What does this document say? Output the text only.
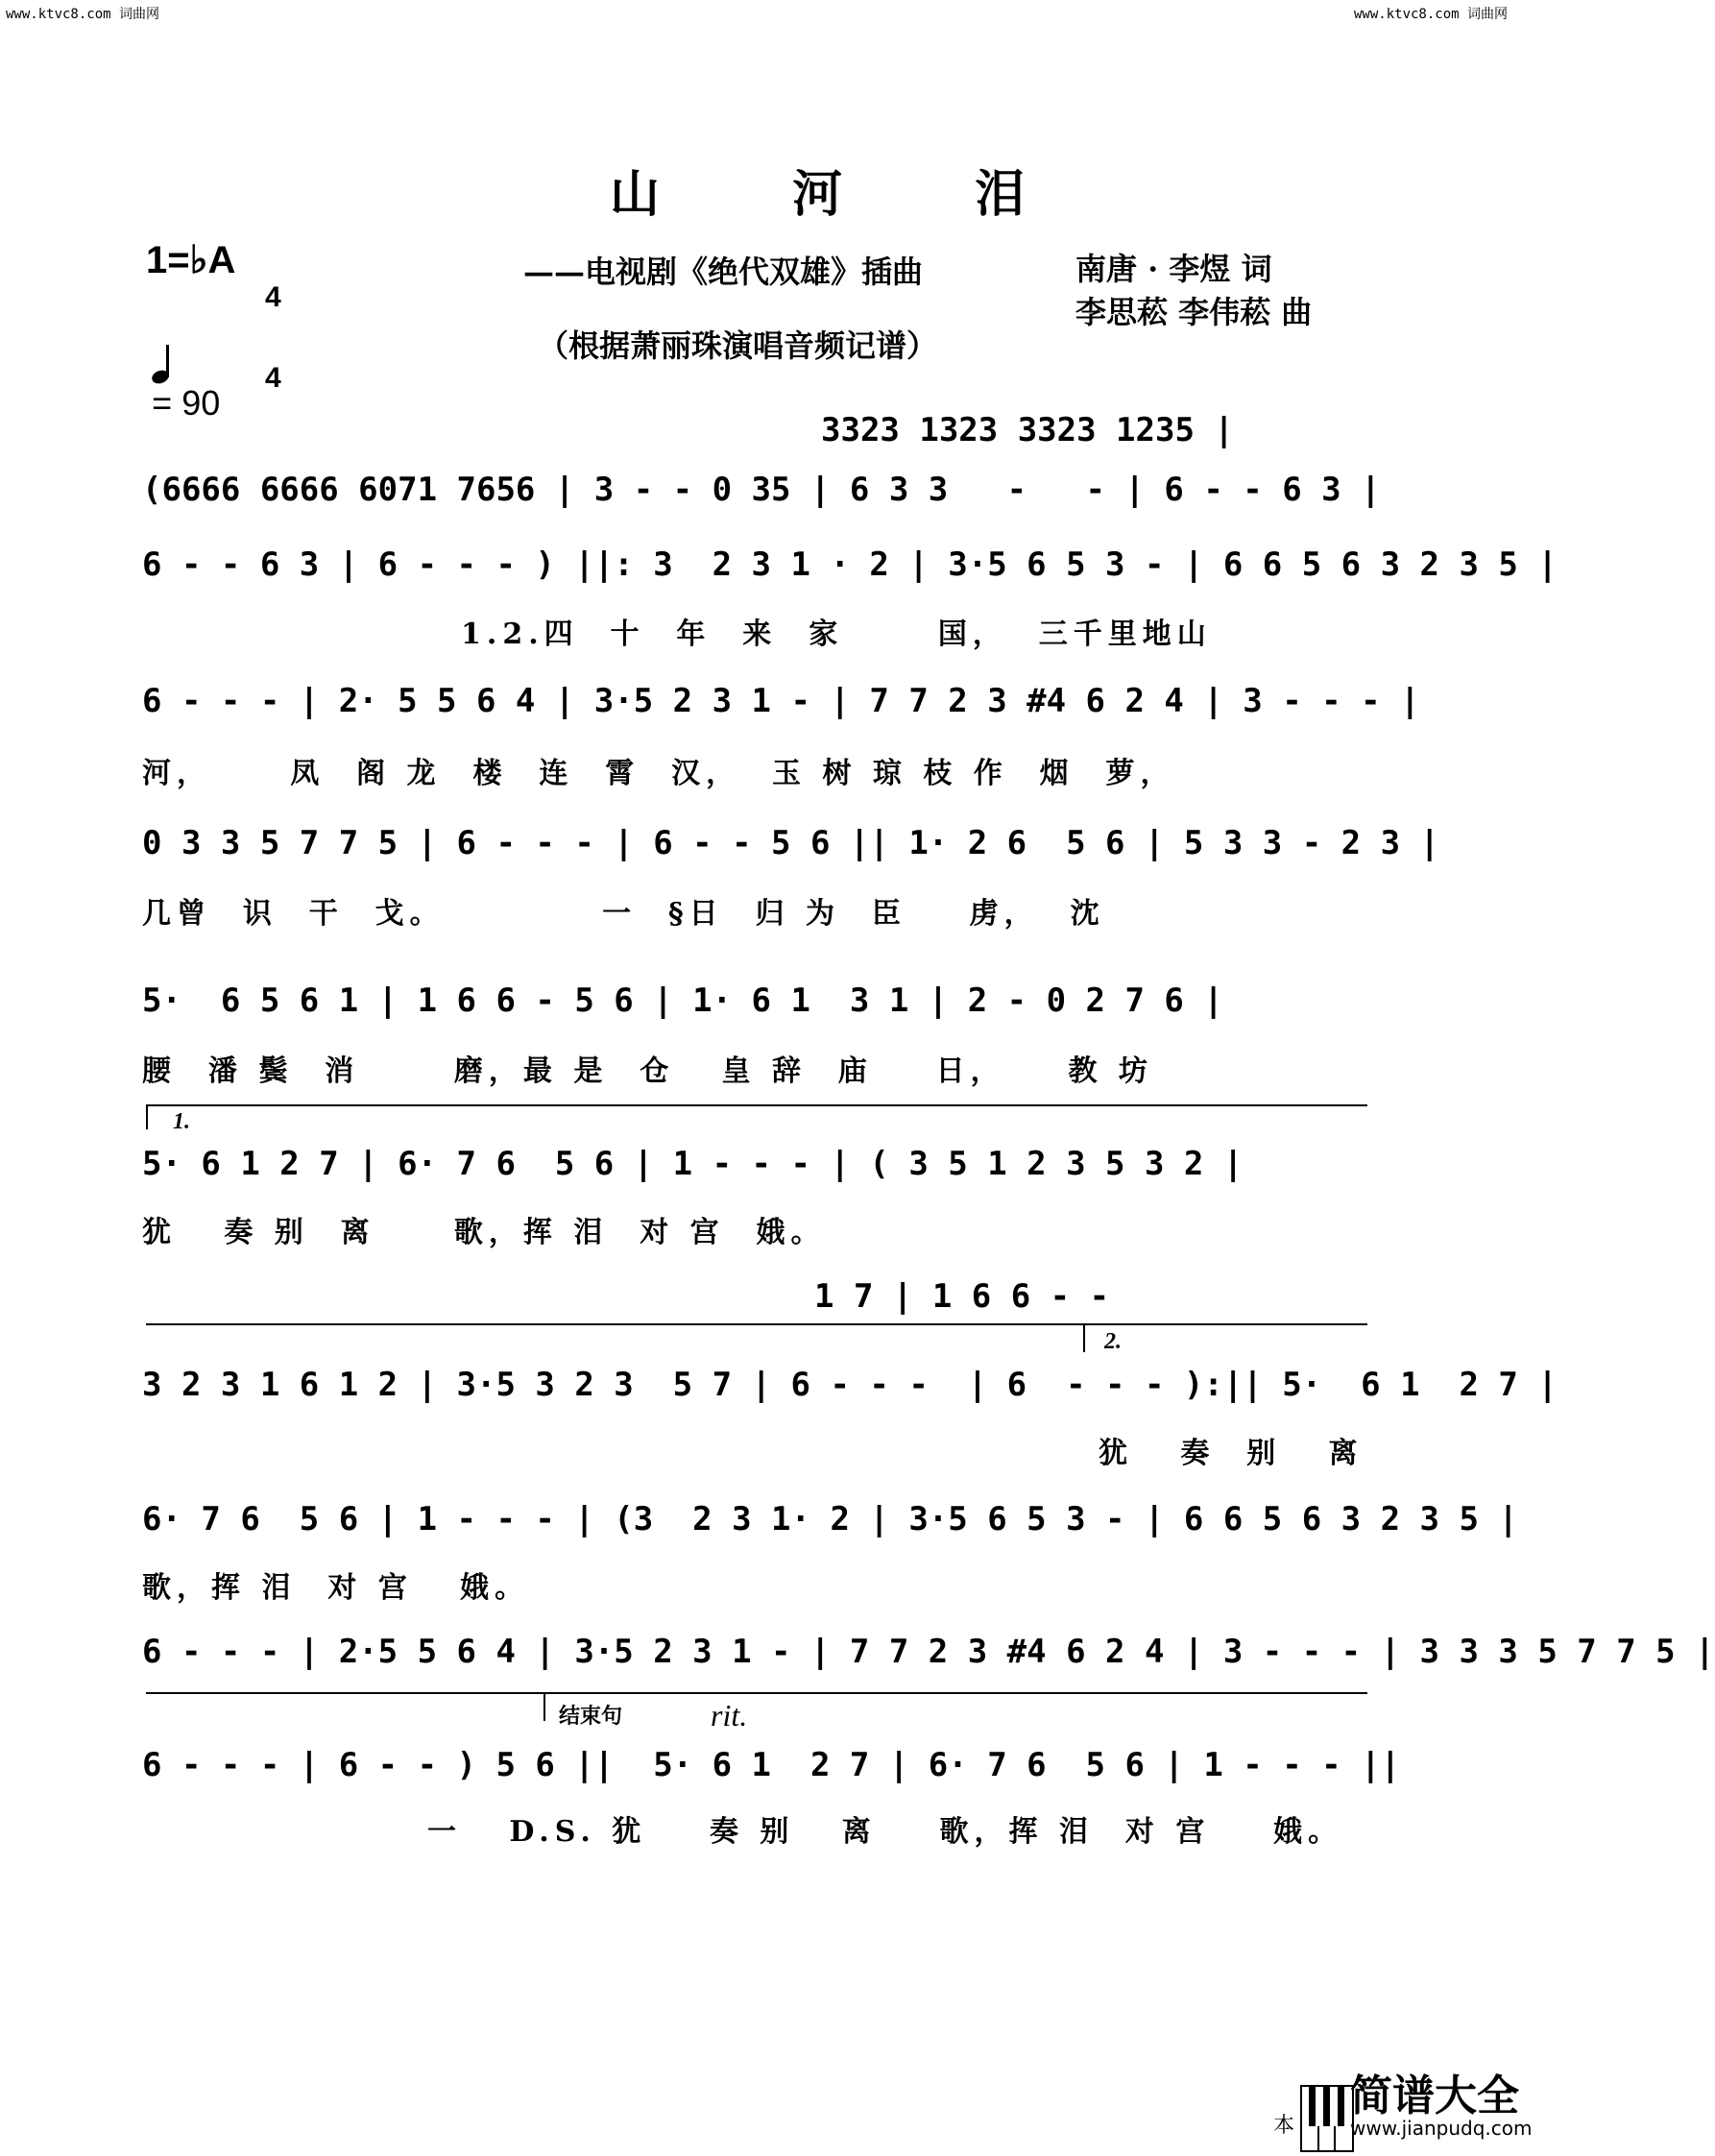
www.ktvc8.com 词曲网	www.ktvc8.com 词曲网
山 河 泪
1=♭A

4

4

= 90

——电视剧《绝代双雄》插曲
（根据萧丽珠演唱音频记谱）
南唐 · 李煜 词
李思菘 李伟菘 曲
3323 1323 3323 1235 |
(6666 6666 6071 7656 | 3 - - 0 35 | 6 3 3   -   - | 6 - - 6 3 |
6 - - 6 3 | 6 - - - ) ||: 3  2 3 1 · 2 | 3·5 6 5 3 - | 6 6 5 6 3 2 3 5 |
1.2.四  十  年  来  家      国，  三千里地山
6 - - - | 2· 5 5 6 4 | 3·5 2 3 1 - | 7 7 2 3 #4 6 2 4 | 3 - - - |
河，     凤  阁 龙  楼  连  霄  汉，  玉 树 琼 枝 作  烟  萝，
0 3 3 5 7 7 5 | 6 - - - | 6 - - 5 6 || 1· 2 6  5 6 | 5 3 3 - 2 3 |
几曾  识  干  戈。          一  §日  归 为  臣    虏，  沈
5·  6 5 6 1 | 1 6 6 - 5 6 | 1· 6 1  3 1 | 2 - 0 2 7 6 |
腰  潘 鬓  消      磨，最 是  仓   皇 辞  庙    日，    教 坊
1.
5· 6 1 2 7 | 6· 7 6  5 6 | 1 - - - | ( 3 5 1 2 3 5 3 2 |
犹   奏 别  离     歌，挥 泪  对 宫  娥。
1 7 | 1 6 6 - -
2.
3 2 3 1 6 1 2 | 3·5 3 2 3  5 7 | 6 - - -  | 6  - - - ):|| 5·  6 1  2 7 |
犹   奏  别   离
6· 7 6  5 6 | 1 - - - | (3  2 3 1· 2 | 3·5 6 5 3 - | 6 6 5 6 3 2 3 5 |
歌，挥 泪  对 宫   娥。
6 - - - | 2·5 5 6 4 | 3·5 2 3 1 - | 7 7 2 3 #4 6 2 4 | 3 - - - | 3 3 3 5 7 7 5 |
结束句	rit.
6 - - - | 6 - - ) 5 6 ||  5· 6 1  2 7 | 6· 7 6  5 6 | 1 - - - ||
一   D.S. 犹    奏 别   离    歌，挥 泪  对 宫    娥。

简谱大全
www.jianpudq.com
本
